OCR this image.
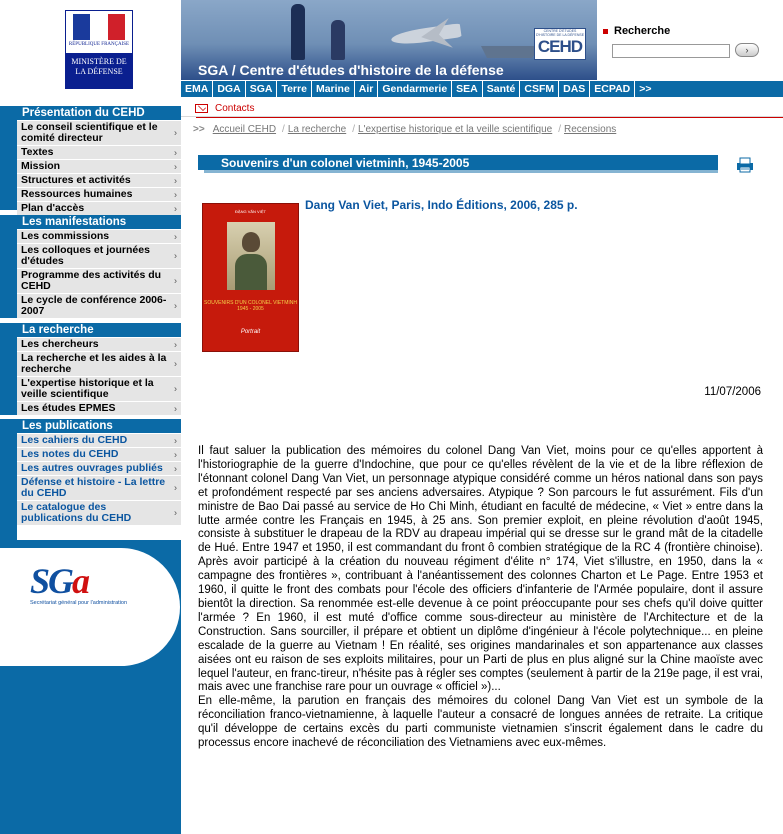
RÉPUBLIQUE FRANÇAISE
MINISTÈRE DE LA DÉFENSE
Présentation du CEHD
Le conseil scientifique et le comité directeur	›
Textes	›
Mission	›
Structures et activités	›
Ressources humaines	›
Plan d'accès	›
Les manifestations
Les commissions	›
Les colloques et journées d'études	›
Programme des activités du CEHD	›
Le cycle de conférence 2006-2007	›
La recherche
Les chercheurs	›
La recherche et les aides à la recherche	›
L'expertise historique et la veille scientifique	›
Les études EPMES	›
Les publications
Les cahiers du CEHD	›
Les notes du CEHD	›
Les autres ouvrages publiés ›
Défense et histoire - La lettre du CEHD	›
Le catalogue des publications du CEHD	›
SGa
Secrétariat général pour l'administration
CENTRE D'ÉTUDES D'HISTOIRE DE LA DÉFENSE
CEHD
SGA / Centre d'études d'histoire de la défense
Recherche
›
EMA DGA SGA Terre Marine Air Gendarmerie SEA Santé CSFM DAS ECPAD >>
Contacts
>> Accueil CEHD / La recherche / L'expertise historique et la veille scientifique / Recensions
Souvenirs d'un colonel vietminh, 1945-2005
ĐẶNG VĂN VIỆT
SOUVENIRS D'UN COLONEL VIETMINH 1945 - 2005
Portrait
Dang Van Viet, Paris, Indo Éditions, 2006, 285 p.
11/07/2006

Il faut saluer la publication des mémoires du colonel Dang Van Viet, moins pour ce qu'elles apportent à l'historiographie de la guerre d'Indochine, que pour ce qu'elles révèlent de la vie et de la libre réflexion de l'étonnant colonel Dang Van Viet, un personnage atypique considéré comme un héros national dans son pays et profondément respecté par ses anciens adversaires. Atypique ? Son parcours le fut assurément. Fils d'un ministre de Bao Dai passé au service de Ho Chi Minh, étudiant en faculté de médecine, « Viet » entre dans la lutte armée contre les Français en 1945, à 25 ans. Son premier exploit, en pleine révolution d'août 1945, consiste à substituer le drapeau de la RDV au drapeau impérial qui se dresse sur le grand mât de la citadelle de Hué. Entre 1947 et 1950, il est commandant du front ô combien stratégique de la RC 4 (frontière chinoise). Après avoir participé à la création du nouveau régiment d'élite n° 174, Viet s'illustre, en 1950, dans la « campagne des frontières », contribuant à l'anéantissement des colonnes Charton et Le Page. Entre 1953 et 1960, il quitte le front des combats pour l'école des officiers d'infanterie de l'Armée populaire, dont il assure bientôt la direction. Sa renommée est-elle devenue à ce point préoccupante pour ses chefs qu'il doive quitter l'armée ? En 1960, il est muté d'office comme sous-directeur au ministère de l'Architecture et de la Construction. Sans sourciller, il prépare et obtient un diplôme d'ingénieur à l'école polytechnique... en pleine escalade de la guerre au Vietnam ! En réalité, ses origines mandarinales et son appartenance aux classes aisées ont eu raison de ses exploits militaires, pour un Parti de plus en plus aligné sur la Chine maoïste avec lequel l'auteur, en franc-tireur, n'hésite pas à régler ses comptes (seulement à partir de la 219e page, il est vrai, mais avec une franchise rare pour un ouvrage « officiel »)...

En elle-même, la parution en français des mémoires du colonel Dang Van Viet est un symbole de la réconciliation franco-vietnamienne, à laquelle l'auteur a consacré de longues années de retraite. La critique qu'il développe de certains excès du parti communiste vietnamien s'inscrit également dans le cadre du processus encore inachevé de réconciliation des Vietnamiens avec eux-mêmes.
